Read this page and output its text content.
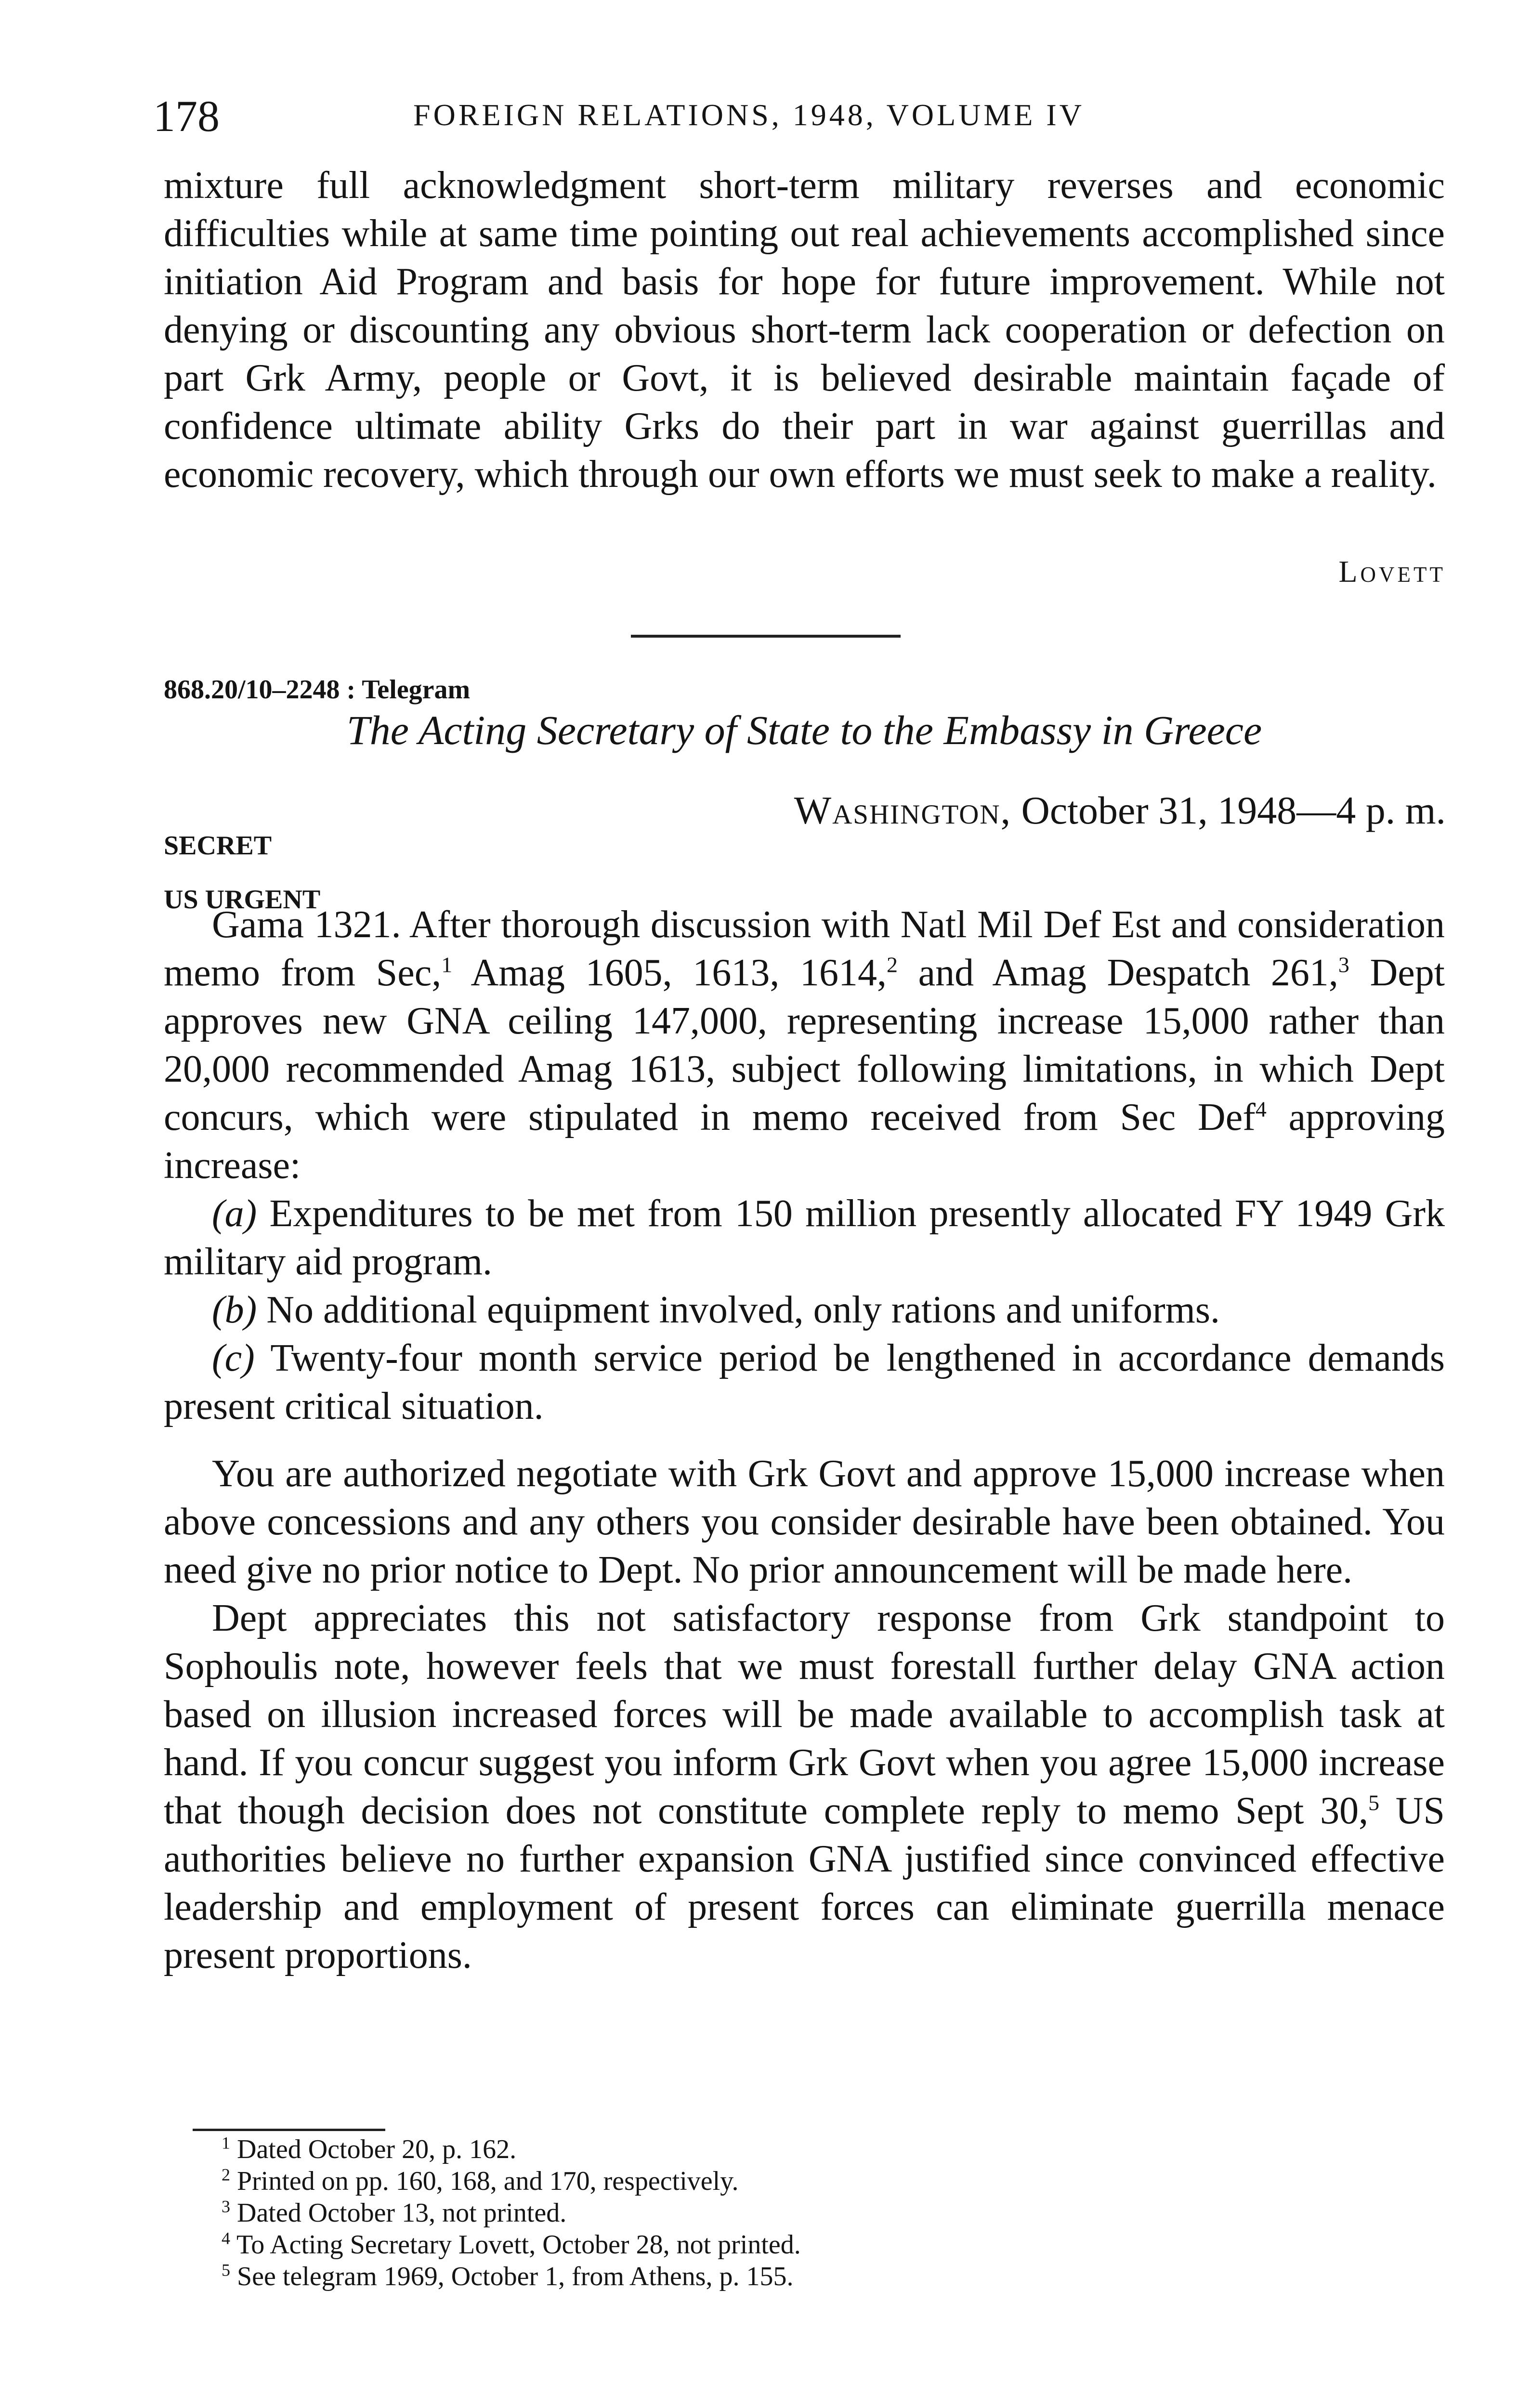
178	FOREIGN RELATIONS, 1948, VOLUME IV

mixture full acknowledgment short-term military reverses and economic difficulties while at same time pointing out real achievements accomplished since initiation Aid Program and basis for hope for future improvement. While not denying or discounting any obvious short-term lack cooperation or defection on part Grk Army, people or Govt, it is believed desirable maintain façade of confidence ultimate ability Grks do their part in war against guerrillas and economic recovery, which through our own efforts we must seek to make a reality.

Lovett
868.20/10–2248 : Telegram
The Acting Secretary of State to the Embassy in Greece
SECRET
US URGENT
Washington, October 31, 1948—4 p. m.

Gama 1321. After thorough discussion with Natl Mil Def Est and consideration memo from Sec,$^1$ Amag 1605, 1613, 1614,$^2$ and Amag Despatch 261,$^3$ Dept approves new GNA ceiling 147,000, representing increase 15,000 rather than 20,000 recommended Amag 1613, subject following limitations, in which Dept concurs, which were stipulated in memo received from Sec Def$^4$ approving increase:

(a) Expenditures to be met from 150 million presently allocated FY 1949 Grk military aid program.
(b) No additional equipment involved, only rations and uniforms.
(c) Twenty-four month service period be lengthened in accordance demands present critical situation.

You are authorized negotiate with Grk Govt and approve 15,000 increase when above concessions and any others you consider desirable have been obtained. You need give no prior notice to Dept. No prior announcement will be made here.

Dept appreciates this not satisfactory response from Grk standpoint to Sophoulis note, however feels that we must forestall further delay GNA action based on illusion increased forces will be made available to accomplish task at hand. If you concur suggest you inform Grk Govt when you agree 15,000 increase that though decision does not constitute complete reply to memo Sept 30,$^5$ US authorities believe no further expansion GNA justified since convinced effective leadership and employment of present forces can eliminate guerrilla menace present proportions.

$^1$ Dated October 20, p. 162.
$^2$ Printed on pp. 160, 168, and 170, respectively.
$^3$ Dated October 13, not printed.
$^4$ To Acting Secretary Lovett, October 28, not printed.
$^5$ See telegram 1969, October 1, from Athens, p. 155.
